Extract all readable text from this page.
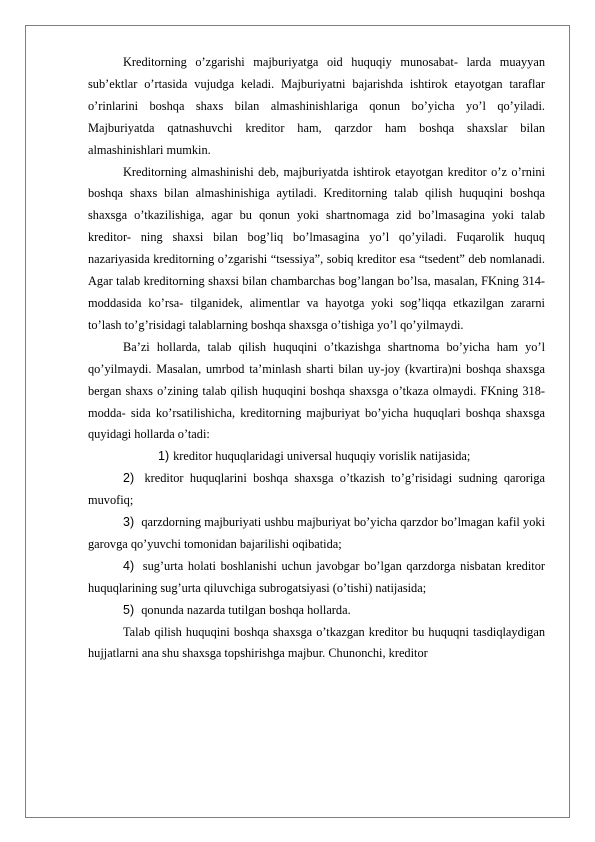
Kreditorning o’zgarishi majburiyatga oid huquqiy munosabat- larda muayyan sub’ektlar o’rtasida vujudga keladi. Majburiyatni bajarishda ishtirok etayotgan taraflar o’rinlarini boshqa shaxs bilan almashinishlariga qonun bo’yicha yo’l qo’yiladi. Majburiyatda qatnashuvchi kreditor ham, qarzdor ham boshqa shaxslar bilan almashinishlari mumkin.

Kreditorning almashinishi deb, majburiyatda ishtirok etayotgan kreditor o’z o’rnini boshqa shaxs bilan almashinishiga aytiladi. Kreditorning talab qilish huquqini boshqa shaxsga o’tkazilishiga, agar bu qonun yoki shartnomaga zid bo’lmasagina yoki talab kreditor- ning shaxsi bilan bog’liq bo’lmasagina yo’l qo’yiladi. Fuqarolik huquq nazariyasida kreditorning o’zgarishi “tsessiya”, sobiq kreditor esa “tsedent” deb nomlanadi. Agar talab kreditorning shaxsi bilan chambarchas bog’langan bo’lsa, masalan, FKning 314-moddasida ko’rsa- tilganidek, alimentlar va hayotga yoki sog’liqqa etkazilgan zararni to’lash to’g’risidagi talablarning boshqa shaxsga o’tishiga yo’l qo’yilmaydi.

Ba’zi hollarda, talab qilish huquqini o’tkazishga shartnoma bo’yicha ham yo’l qo’yilmaydi. Masalan, umrbod ta’minlash sharti bilan uy-joy (kvartira)ni boshqa shaxsga bergan shaxs o’zining talab qilish huquqini boshqa shaxsga o’tkaza olmaydi. FKning 318-modda- sida ko’rsatilishicha, kreditorning majburiyat bo’yicha huquqlari boshqa shaxsga quyidagi hollarda o’tadi:

1) kreditor huquqlaridagi universal huquqiy vorislik natijasida;

2) kreditor huquqlarini boshqa shaxsga o’tkazish to’g’risidagi sudning qaroriga muvofiq;

3) qarzdorning majburiyati ushbu majburiyat bo’yicha qarzdor bo’lmagan kafil yoki garovga qo’yuvchi tomonidan bajarilishi oqibatida;

4) sug’urta holati boshlanishi uchun javobgar bo’lgan qarzdorga nisbatan kreditor huquqlarining sug’urta qiluvchiga subrogatsiyasi (o’tishi) natijasida;

5) qonunda nazarda tutilgan boshqa hollarda.

Talab qilish huquqini boshqa shaxsga o’tkazgan kreditor bu huquqni tasdiqlaydigan hujjatlarni ana shu shaxsga topshirishga majbur. Chunonchi, kreditor
